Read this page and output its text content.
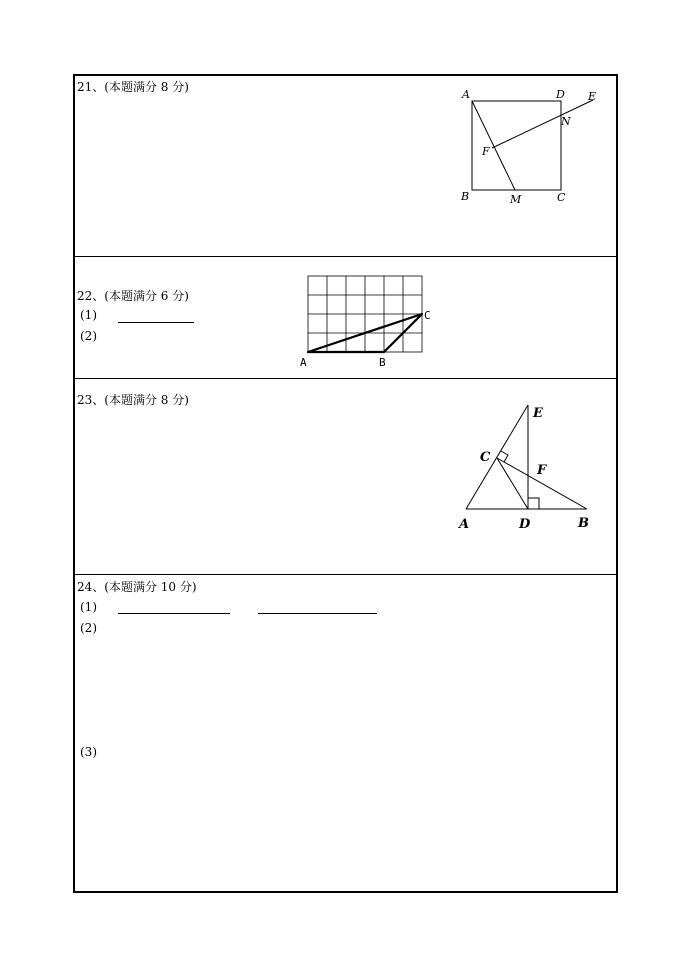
21、(本题满分 8 分)
A	D E
N
F
B	M	C
22、(本题满分 6 分)
(1)
(2)
A	B
C
23、(本题满分 8 分)
E
C
F
A	D	B
24、(本题满分 10 分)
(1)
(2)
(3)
